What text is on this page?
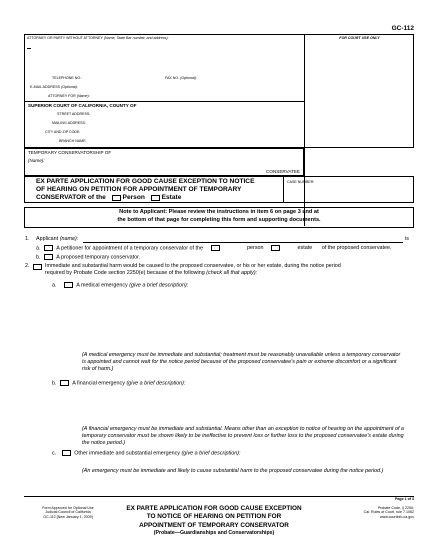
GC-112
ATTORNEY OR PARTY WITHOUT ATTORNEY (Name, State Bar number, and address):	FOR COURT USE ONLY
TELEPHONE NO.:	FAX NO. (Optional):
E-MAIL ADDRESS (Optional):
ATTORNEY FOR (Name):
SUPERIOR COURT OF CALIFORNIA, COUNTY OF
STREET ADDRESS:
MAILING ADDRESS:
CITY AND ZIP CODE:
BRANCH NAME:
TEMPORARY CONSERVATORSHIP OF
(Name):
CONSERVATEE
EX PARTE APPLICATION FOR GOOD CAUSE EXCEPTION TO NOTICE
OF HEARING ON PETITION FOR APPOINTMENT OF TEMPORARY
CONSERVATOR of the	Person	Estate
CASE NUMBER:
Note to Applicant: Please review the instructions in item 6 on page 3 and at
the bottom of that page for completing this form and supporting documents.
1. Applicant (name):	is
a.	A petitioner for appointment of a temporary conservator of the	person	estate of the proposed conservatee.
b.	A proposed temporary conservator.
2.	Immediate and substantial harm would be caused to the proposed conservatee, or his or her estate, during the notice period
required by Probate Code section 2250(e) because of the following (check all that apply):
a.	A medical emergency (give a brief description):
(A medical emergency must be immediate and substantial; treatment must be reasonably unavailable unless a temporary conservator is appointed and cannot wait for the notice period because of the proposed conservatee's pain or extreme discomfort or a significant risk of harm.)
b.	A financial emergency (give a brief description):
(A financial emergency must be immediate and substantial. Means other than an exception to notice of hearing on the appointment of a temporary conservator must be shown likely to be ineffective to prevent loss or further loss to the proposed conservatee's estate during the notice period.)
c.	Other immediate and substantial emergency (give a brief description):
(An emergency must be immediate and likely to cause substantial harm to the proposed conservatee during the notice period.)
Page 1 of 3
Form Approved for Optional Use
Judicial Council of California
GC-112 [New January 1, 2009]
EX PARTE APPLICATION FOR GOOD CAUSE EXCEPTION
TO NOTICE OF HEARING ON PETITION FOR
APPOINTMENT OF TEMPORARY CONSERVATOR
(Probate—Guardianships and Conservatorships)
Probate Code, § 2250;
Cal. Rules of Court, rule 7.1062
www.courtinfo.ca.gov
